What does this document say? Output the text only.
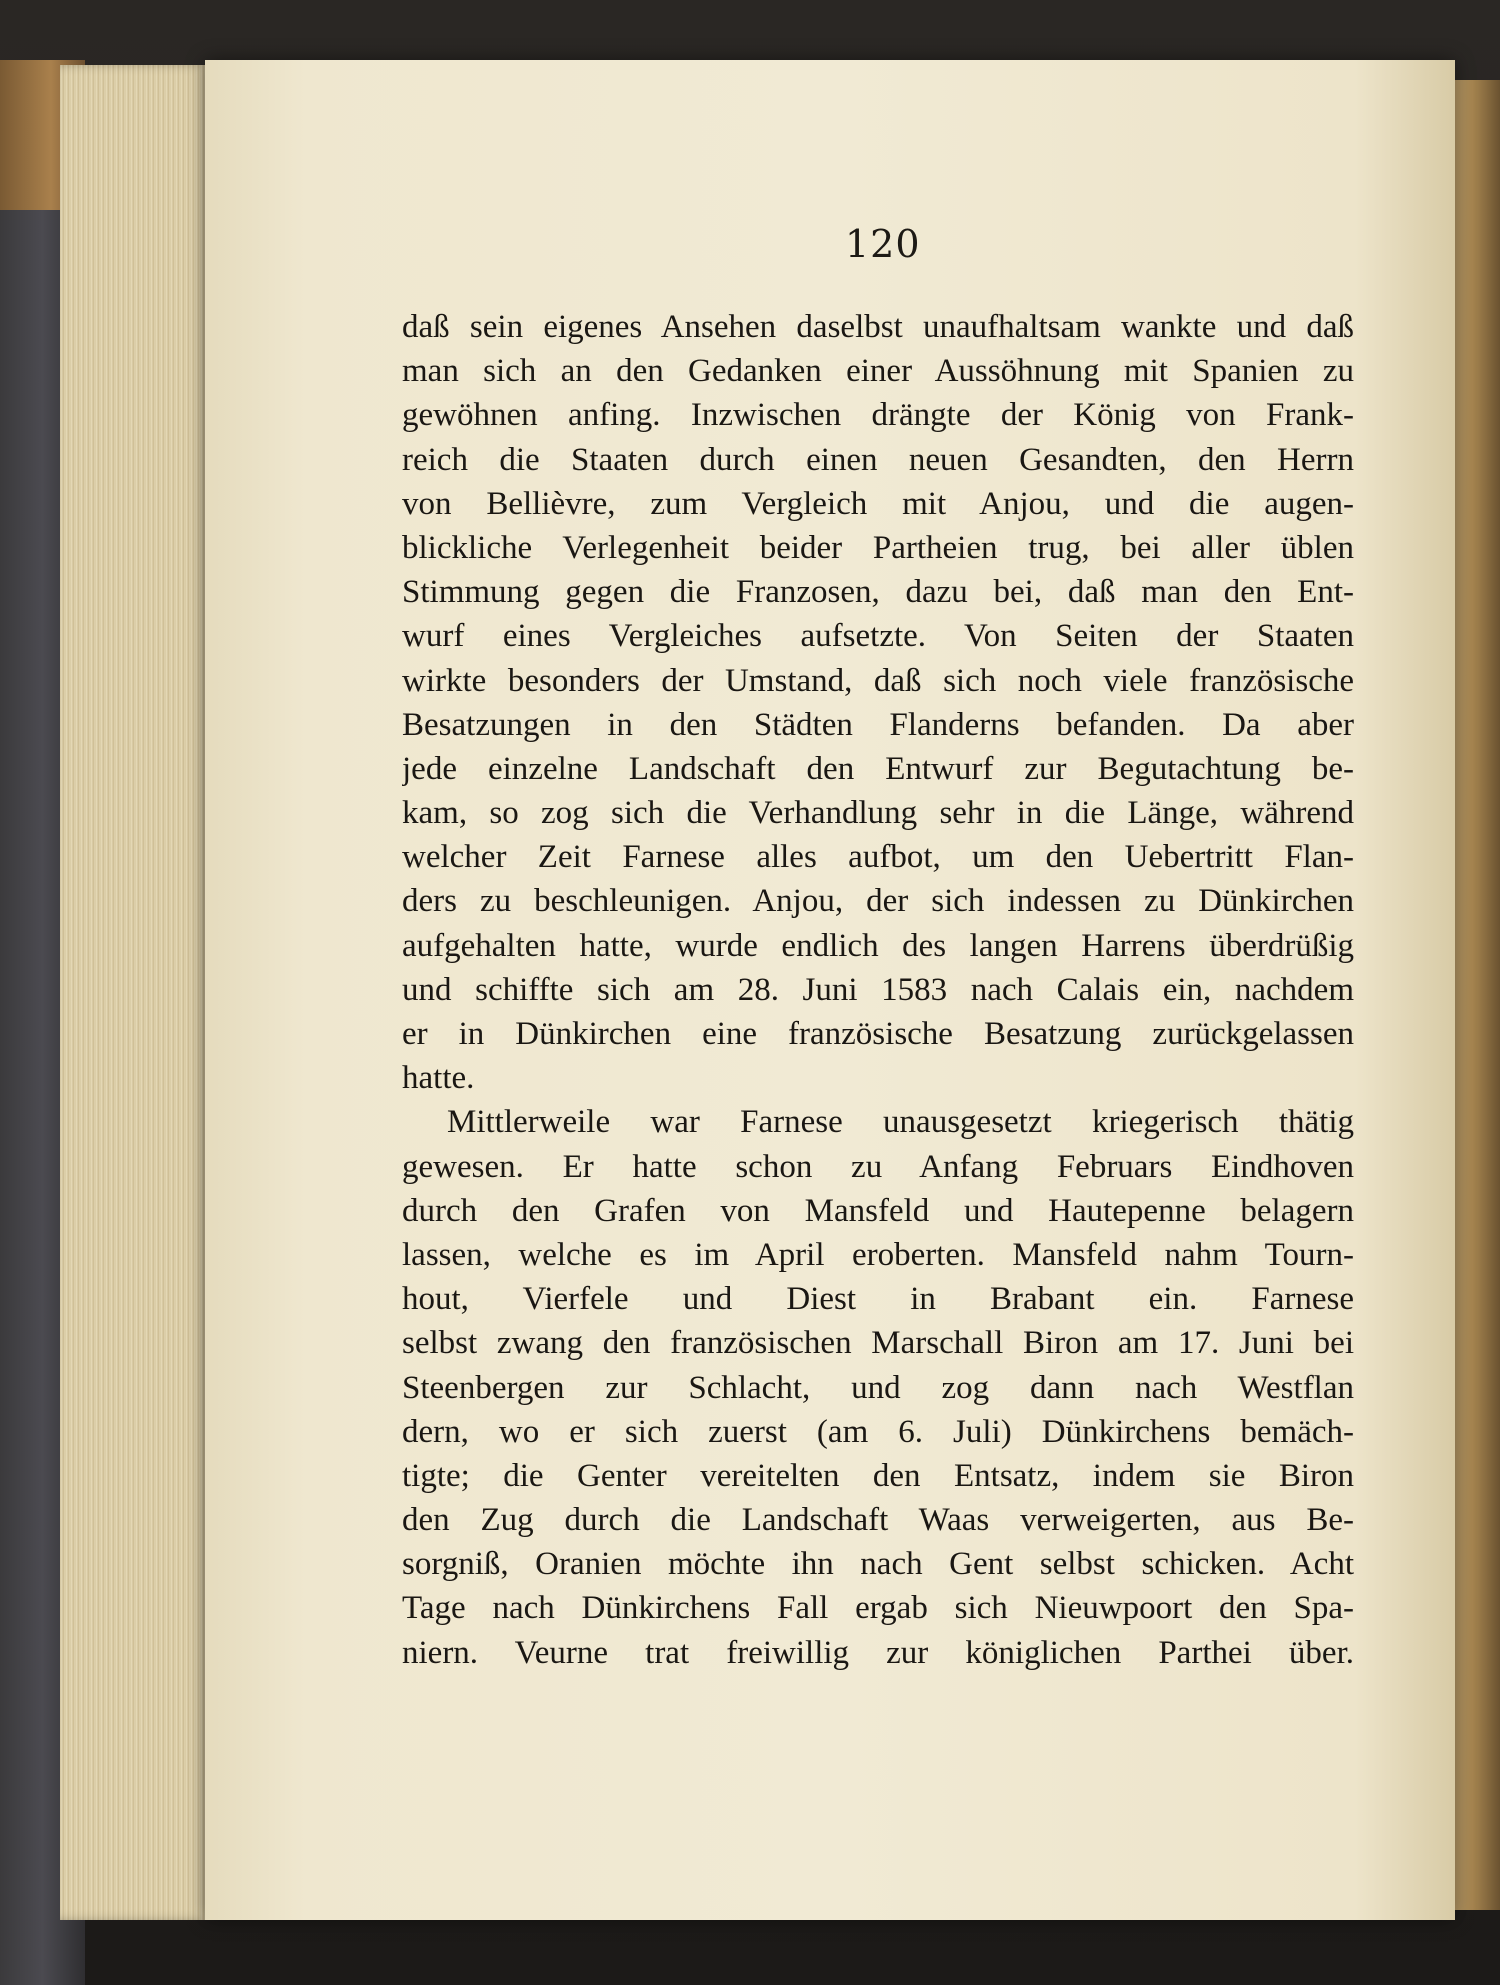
120
daß sein eigenes Ansehen daselbst unaufhaltsam wankte und daß
man sich an den Gedanken einer Aussöhnung mit Spanien zu
gewöhnen anfing. Inzwischen drängte der König von Frank-
reich die Staaten durch einen neuen Gesandten, den Herrn
von Bellièvre, zum Vergleich mit Anjou, und die augen-
blickliche Verlegenheit beider Partheien trug, bei aller üblen
Stimmung gegen die Franzosen, dazu bei, daß man den Ent-
wurf eines Vergleiches aufsetzte. Von Seiten der Staaten
wirkte besonders der Umstand, daß sich noch viele französische
Besatzungen in den Städten Flanderns befanden. Da aber
jede einzelne Landschaft den Entwurf zur Begutachtung be-
kam, so zog sich die Verhandlung sehr in die Länge, während
welcher Zeit Farnese alles aufbot, um den Uebertritt Flan-
ders zu beschleunigen. Anjou, der sich indessen zu Dünkirchen
aufgehalten hatte, wurde endlich des langen Harrens überdrüßig
und schiffte sich am 28. Juni 1583 nach Calais ein, nachdem
er in Dünkirchen eine französische Besatzung zurückgelassen
hatte.
Mittlerweile war Farnese unausgesetzt kriegerisch thätig
gewesen. Er hatte schon zu Anfang Februars Eindhoven
durch den Grafen von Mansfeld und Hautepenne belagern
lassen, welche es im April eroberten. Mansfeld nahm Tourn-
hout, Vierfele und Diest in Brabant ein. Farnese
selbst zwang den französischen Marschall Biron am 17. Juni bei
Steenbergen zur Schlacht, und zog dann nach Westflan
dern, wo er sich zuerst (am 6. Juli) Dünkirchens bemäch-
tigte; die Genter vereitelten den Entsatz, indem sie Biron
den Zug durch die Landschaft Waas verweigerten, aus Be-
sorgniß, Oranien möchte ihn nach Gent selbst schicken. Acht
Tage nach Dünkirchens Fall ergab sich Nieuwpoort den Spa-
niern. Veurne trat freiwillig zur königlichen Parthei über.
